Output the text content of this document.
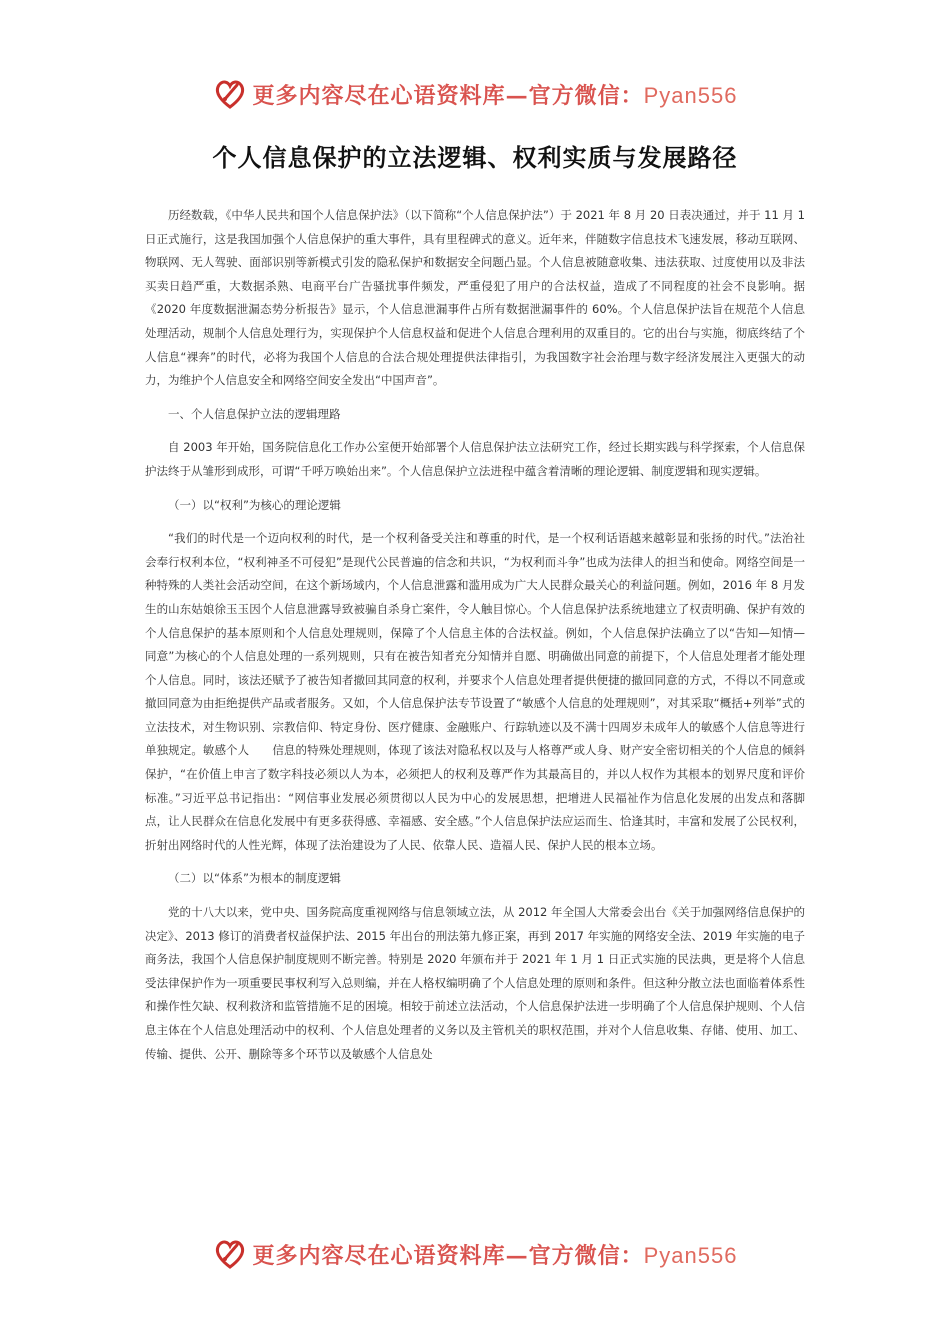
更多内容尽在心语资料库—官方微信：Pyan556
个人信息保护的立法逻辑、权利实质与发展路径

历经数载，《中华人民共和国个人信息保护法》（以下简称“个人信息保护法”）于 2021 年 8 月 20 日表决通过，并于 11 月 1 日正式施行，这是我国加强个人信息保护的重大事件，具有里程碑式的意义。近年来，伴随数字信息技术飞速发展，移动互联网、物联网、无人驾驶、面部识别等新模式引发的隐私保护和数据安全问题凸显。个人信息被随意收集、违法获取、过度使用以及非法买卖日趋严重，大数据杀熟、电商平台广告骚扰事件频发，严重侵犯了用户的合法权益，造成了不同程度的社会不良影响。据《2020 年度数据泄漏态势分析报告》显示，个人信息泄漏事件占所有数据泄漏事件的 60%。个人信息保护法旨在规范个人信息处理活动，规制个人信息处理行为，实现保护个人信息权益和促进个人信息合理利用的双重目的。它的出台与实施，彻底终结了个人信息“裸奔”的时代，必将为我国个人信息的合法合规处理提供法律指引，为我国数字社会治理与数字经济发展注入更强大的动力，为维护个人信息安全和网络空间安全发出“中国声音”。

一、个人信息保护立法的逻辑理路

自 2003 年开始，国务院信息化工作办公室便开始部署个人信息保护法立法研究工作，经过长期实践与科学探索，个人信息保护法终于从雏形到成形，可谓“千呼万唤始出来”。个人信息保护立法进程中蕴含着清晰的理论逻辑、制度逻辑和现实逻辑。

（一）以“权利”为核心的理论逻辑

“我们的时代是一个迈向权利的时代，是一个权利备受关注和尊重的时代，是一个权利话语越来越彰显和张扬的时代。”法治社会奉行权利本位，“权利神圣不可侵犯”是现代公民普遍的信念和共识，“为权利而斗争”也成为法律人的担当和使命。网络空间是一种特殊的人类社会活动空间，在这个新场域内，个人信息泄露和滥用成为广大人民群众最关心的利益问题。例如，2016 年 8 月发生的山东姑娘徐玉玉因个人信息泄露导致被骗自杀身亡案件，令人触目惊心。个人信息保护法系统地建立了权责明确、保护有效的个人信息保护的基本原则和个人信息处理规则，保障了个人信息主体的合法权益。例如，个人信息保护法确立了以“告知—知情—同意”为核心的个人信息处理的一系列规则，只有在被告知者充分知情并自愿、明确做出同意的前提下，个人信息处理者才能处理个人信息。同时，该法还赋予了被告知者撤回其同意的权利，并要求个人信息处理者提供便捷的撤回同意的方式，不得以不同意或撤回同意为由拒绝提供产品或者服务。又如，个人信息保护法专节设置了“敏感个人信息的处理规则”，对其采取“概括+列举”式的立法技术，对生物识别、宗教信仰、特定身份、医疗健康、金融账户、行踪轨迹以及不满十四周岁未成年人的敏感个人信息等进行单独规定。敏感个人　　信息的特殊处理规则，体现了该法对隐私权以及与人格尊严或人身、财产安全密切相关的个人信息的倾斜保护，“在价值上申言了数字科技必须以人为本，必须把人的权利及尊严作为其最高目的，并以人权作为其根本的划界尺度和评价标准。”习近平总书记指出：“网信事业发展必须贯彻以人民为中心的发展思想，把增进人民福祉作为信息化发展的出发点和落脚点，让人民群众在信息化发展中有更多获得感、幸福感、安全感。”个人信息保护法应运而生、恰逢其时，丰富和发展了公民权利，折射出网络时代的人性光辉，体现了法治建设为了人民、依靠人民、造福人民、保护人民的根本立场。

（二）以“体系”为根本的制度逻辑

党的十八大以来，党中央、国务院高度重视网络与信息领域立法，从 2012 年全国人大常委会出台《关于加强网络信息保护的决定》、2013 修订的消费者权益保护法、2015 年出台的刑法第九修正案，再到 2017 年实施的网络安全法、2019 年实施的电子商务法，我国个人信息保护制度规则不断完善。特别是 2020 年颁布并于 2021 年 1 月 1 日正式实施的民法典，更是将个人信息受法律保护作为一项重要民事权利写入总则编，并在人格权编明确了个人信息处理的原则和条件。但这种分散立法也面临着体系性和操作性欠缺、权利救济和监管措施不足的困境。相较于前述立法活动，个人信息保护法进一步明确了个人信息保护规则、个人信息主体在个人信息处理活动中的权利、个人信息处理者的义务以及主管机关的职权范围，并对个人信息收集、存储、使用、加工、传输、提供、公开、删除等多个环节以及敏感个人信息处

更多内容尽在心语资料库—官方微信：Pyan556
